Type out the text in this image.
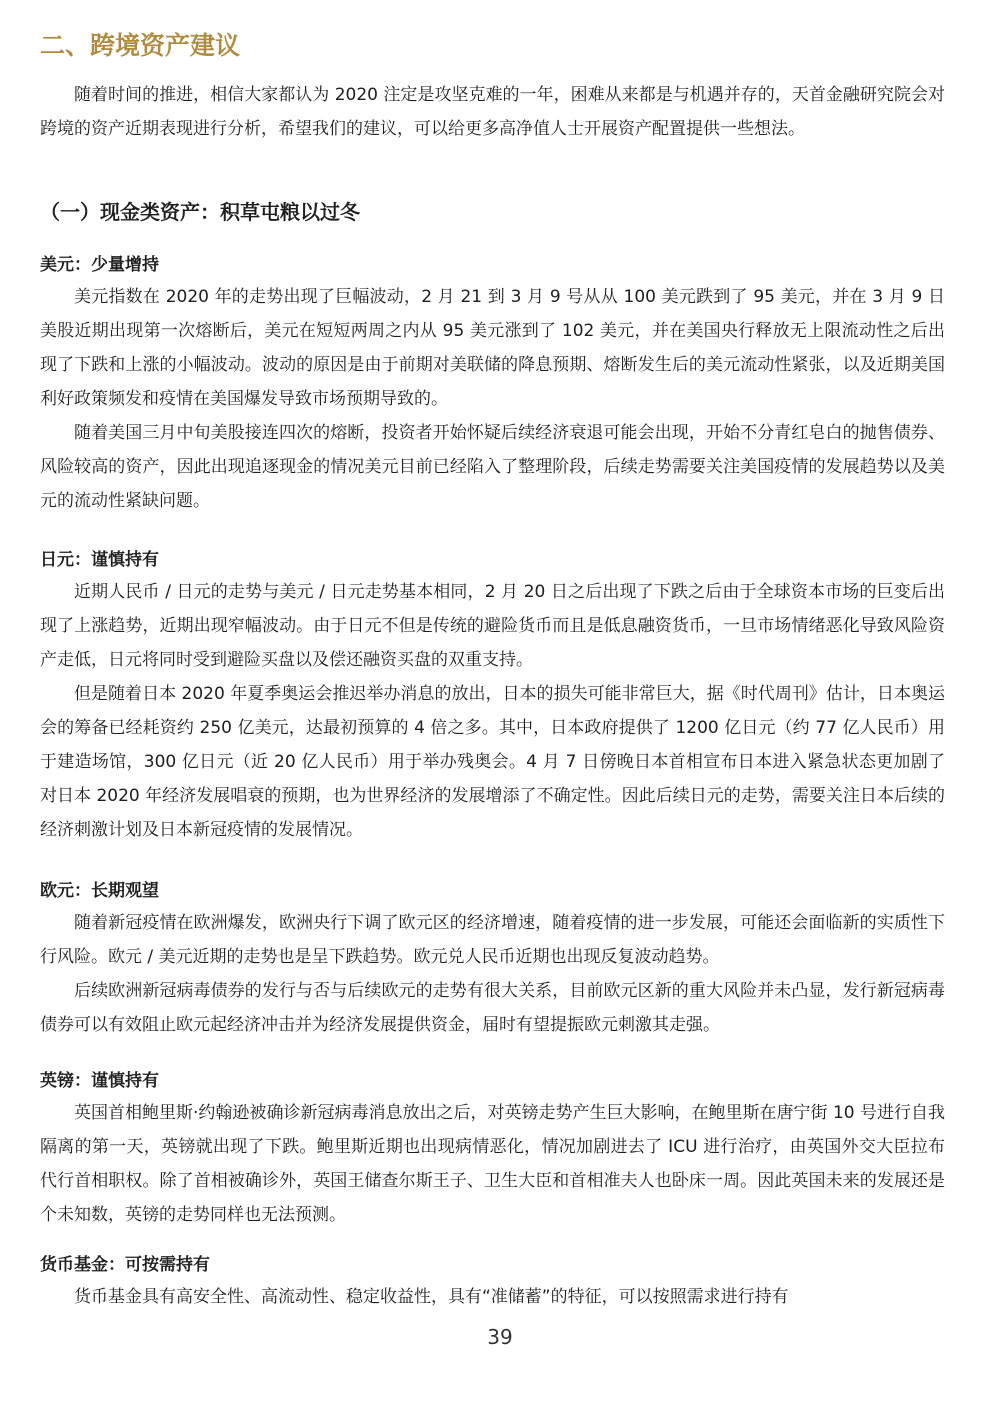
二、跨境资产建议

随着时间的推进，相信大家都认为 2020 注定是攻坚克难的一年，困难从来都是与机遇并存的，天首金融研究院会对跨境的资产近期表现进行分析，希望我们的建议，可以给更多高净值人士开展资产配置提供一些想法。

（一）现金类资产：积草屯粮以过冬
美元：少量增持

美元指数在 2020 年的走势出现了巨幅波动，2 月 21 到 3 月 9 号从从 100 美元跌到了 95 美元，并在 3 月 9 日美股近期出现第一次熔断后，美元在短短两周之内从 95 美元涨到了 102 美元，并在美国央行释放无上限流动性之后出现了下跌和上涨的小幅波动。波动的原因是由于前期对美联储的降息预期、熔断发生后的美元流动性紧张，以及近期美国利好政策频发和疫情在美国爆发导致市场预期导致的。

随着美国三月中旬美股接连四次的熔断，投资者开始怀疑后续经济衰退可能会出现，开始不分青红皂白的抛售债券、风险较高的资产，因此出现追逐现金的情况美元目前已经陷入了整理阶段，后续走势需要关注美国疫情的发展趋势以及美元的流动性紧缺问题。

日元：谨慎持有

近期人民币 / 日元的走势与美元 / 日元走势基本相同，2 月 20 日之后出现了下跌之后由于全球资本市场的巨变后出现了上涨趋势，近期出现窄幅波动。由于日元不但是传统的避险货币而且是低息融资货币，一旦市场情绪恶化导致风险资产走低，日元将同时受到避险买盘以及偿还融资买盘的双重支持。

但是随着日本 2020 年夏季奥运会推迟举办消息的放出，日本的损失可能非常巨大，据《时代周刊》估计，日本奥运会的筹备已经耗资约 250 亿美元，达最初预算的 4 倍之多。其中，日本政府提供了 1200 亿日元（约 77 亿人民币）用于建造场馆，300 亿日元（近 20 亿人民币）用于举办残奥会。4 月 7 日傍晚日本首相宣布日本进入紧急状态更加剧了对日本 2020 年经济发展唱衰的预期，也为世界经济的发展增添了不确定性。因此后续日元的走势，需要关注日本后续的经济刺激计划及日本新冠疫情的发展情况。

欧元：长期观望

随着新冠疫情在欧洲爆发，欧洲央行下调了欧元区的经济增速，随着疫情的进一步发展，可能还会面临新的实质性下行风险。欧元 / 美元近期的走势也是呈下跌趋势。欧元兑人民币近期也出现反复波动趋势。

后续欧洲新冠病毒债券的发行与否与后续欧元的走势有很大关系，目前欧元区新的重大风险并未凸显，发行新冠病毒债券可以有效阻止欧元起经济冲击并为经济发展提供资金，届时有望提振欧元刺激其走强。

英镑：谨慎持有

英国首相鲍里斯·约翰逊被确诊新冠病毒消息放出之后，对英镑走势产生巨大影响，在鲍里斯在唐宁街 10 号进行自我隔离的第一天，英镑就出现了下跌。鲍里斯近期也出现病情恶化，情况加剧进去了 ICU 进行治疗，由英国外交大臣拉布代行首相职权。除了首相被确诊外，英国王储查尔斯王子、卫生大臣和首相准夫人也卧床一周。因此英国未来的发展还是个未知数，英镑的走势同样也无法预测。

货币基金：可按需持有

货币基金具有高安全性、高流动性、稳定收益性，具有“准储蓄”的特征，可以按照需求进行持有

39
